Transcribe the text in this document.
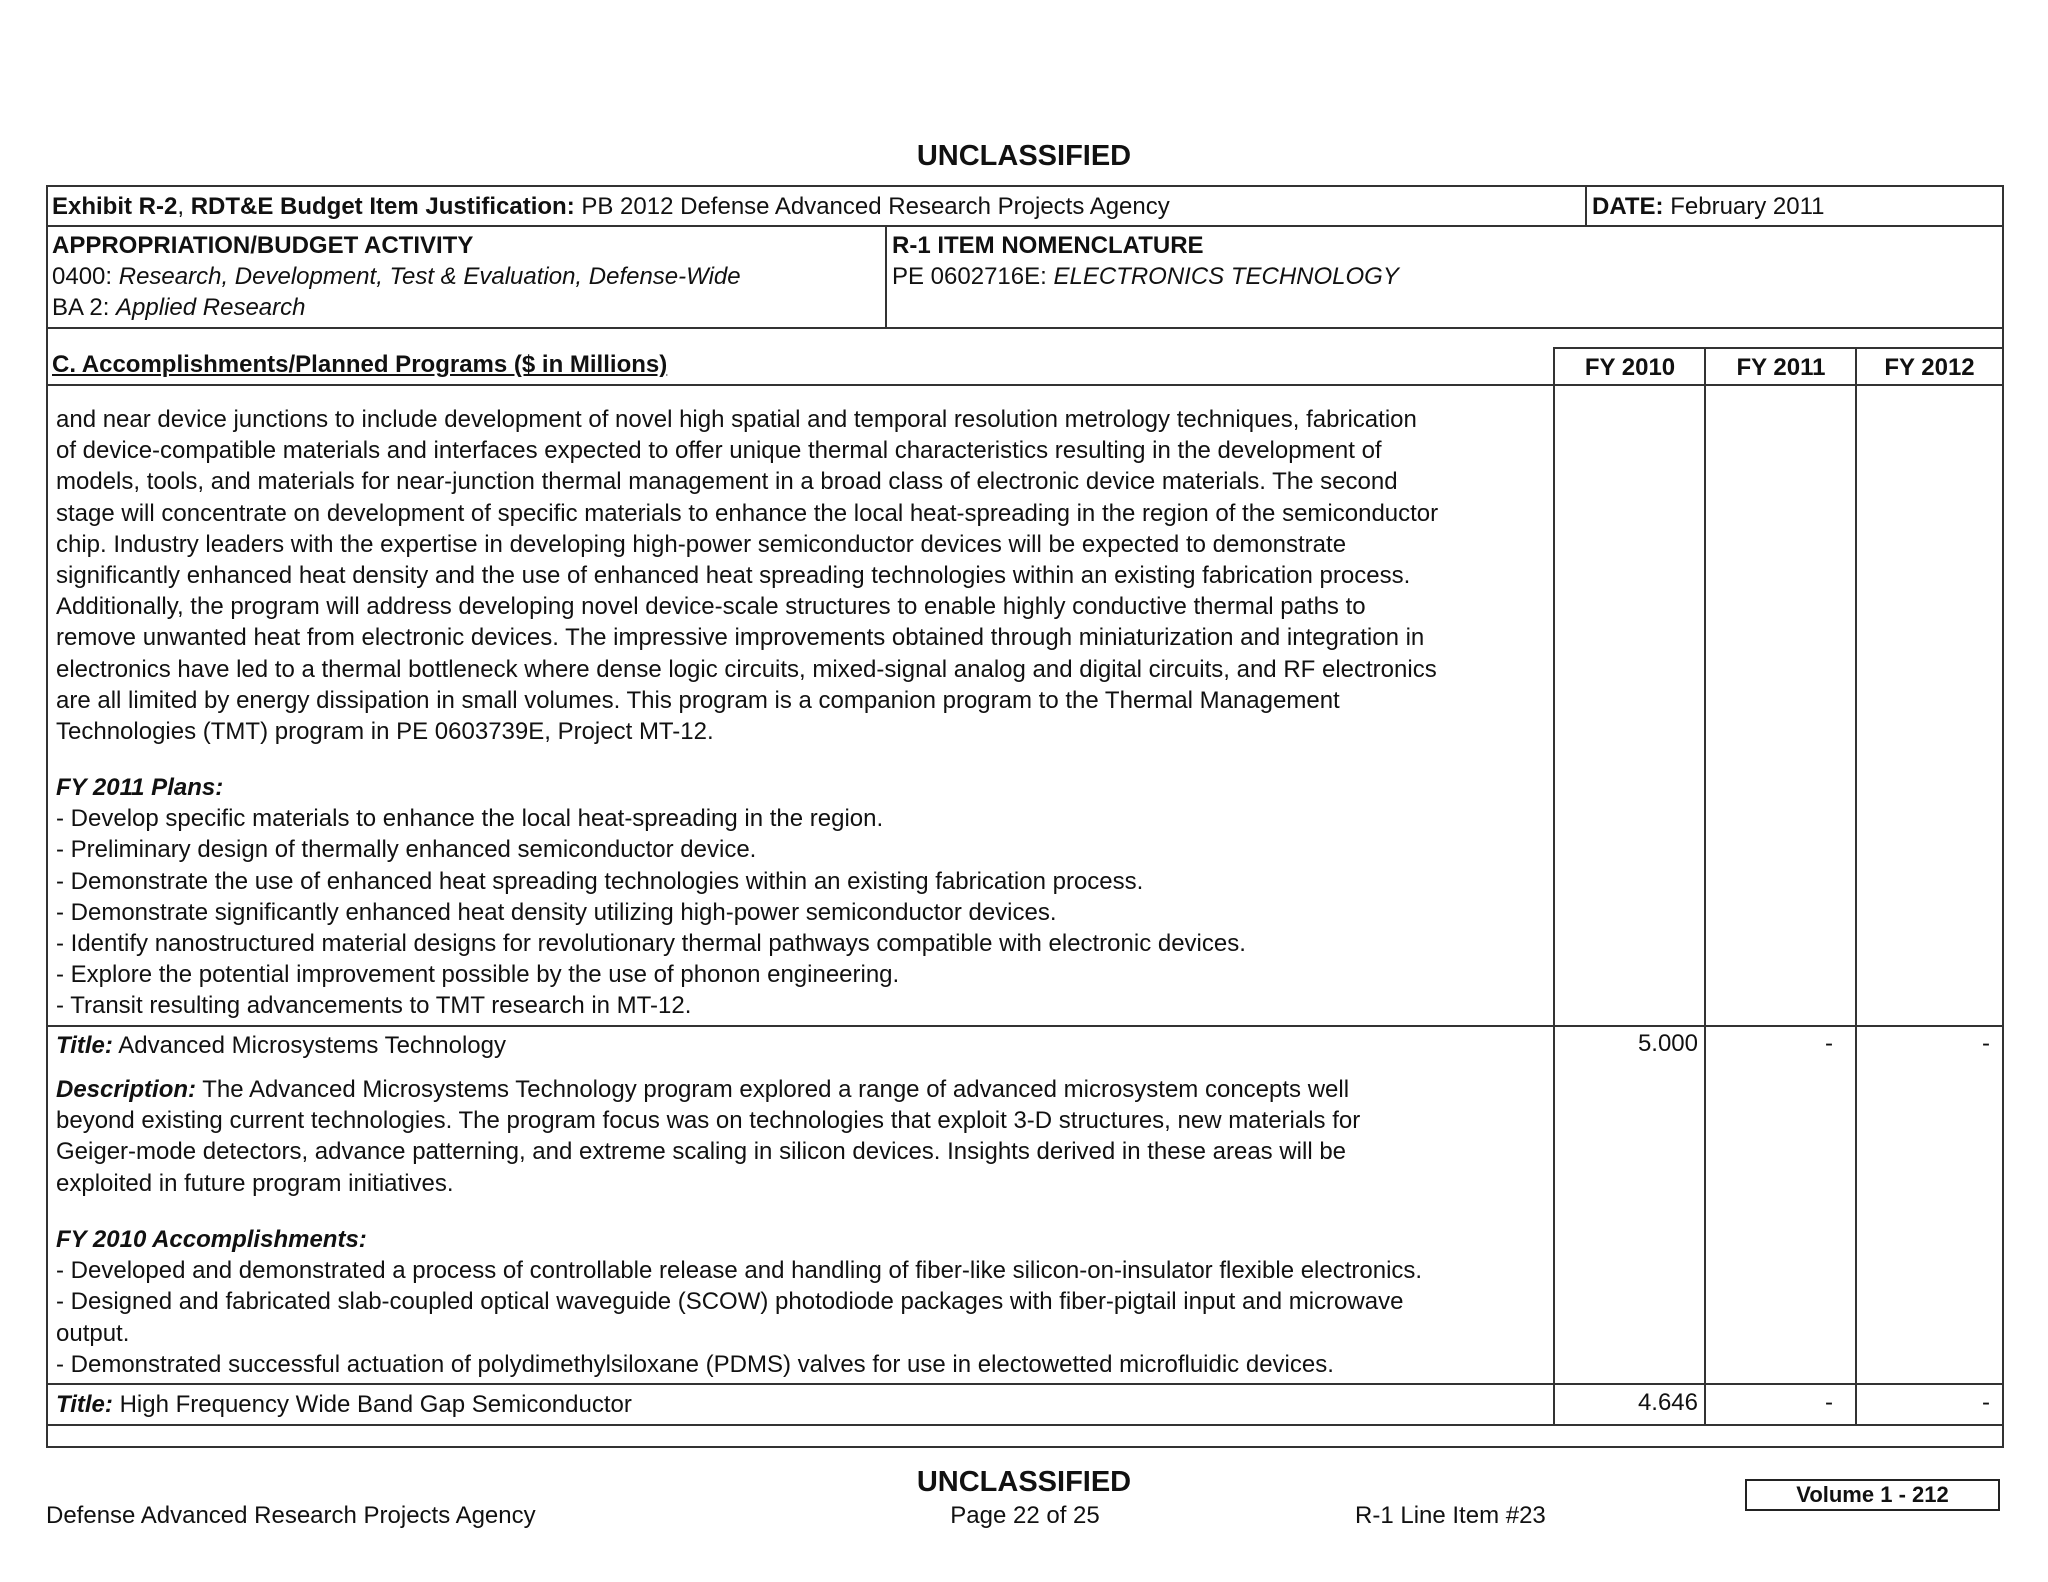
UNCLASSIFIED
Exhibit R-2, RDT&E Budget Item Justification: PB 2012 Defense Advanced Research Projects Agency	DATE: February 2011
APPROPRIATION/BUDGET ACTIVITY
0400: Research, Development, Test & Evaluation, Defense-Wide
BA 2: Applied Research
R-1 ITEM NOMENCLATURE
PE 0602716E: ELECTRONICS TECHNOLOGY
C. Accomplishments/Planned Programs ($ in Millions)	FY 2010	FY 2011	FY 2012
and near device junctions to include development of novel high spatial and temporal resolution metrology techniques, fabrication
of device-compatible materials and interfaces expected to offer unique thermal characteristics resulting in the development of
models, tools, and materials for near-junction thermal management in a broad class of electronic device materials. The second
stage will concentrate on development of specific materials to enhance the local heat-spreading in the region of the semiconductor
chip. Industry leaders with the expertise in developing high-power semiconductor devices will be expected to demonstrate
significantly enhanced heat density and the use of enhanced heat spreading technologies within an existing fabrication process.
Additionally, the program will address developing novel device-scale structures to enable highly conductive thermal paths to
remove unwanted heat from electronic devices. The impressive improvements obtained through miniaturization and integration in
electronics have led to a thermal bottleneck where dense logic circuits, mixed-signal analog and digital circuits, and RF electronics
are all limited by energy dissipation in small volumes. This program is a companion program to the Thermal Management
Technologies (TMT) program in PE 0603739E, Project MT-12.
FY 2011 Plans:
- Develop specific materials to enhance the local heat-spreading in the region.
- Preliminary design of thermally enhanced semiconductor device.
- Demonstrate the use of enhanced heat spreading technologies within an existing fabrication process.
- Demonstrate significantly enhanced heat density utilizing high-power semiconductor devices.
- Identify nanostructured material designs for revolutionary thermal pathways compatible with electronic devices.
- Explore the potential improvement possible by the use of phonon engineering.
- Transit resulting advancements to TMT research in MT-12.
Title: Advanced Microsystems Technology	5.000	-	-
Description: The Advanced Microsystems Technology program explored a range of advanced microsystem concepts well
beyond existing current technologies. The program focus was on technologies that exploit 3-D structures, new materials for
Geiger-mode detectors, advance patterning, and extreme scaling in silicon devices. Insights derived in these areas will be
exploited in future program initiatives.
FY 2010 Accomplishments:
- Developed and demonstrated a process of controllable release and handling of fiber-like silicon-on-insulator flexible electronics.
- Designed and fabricated slab-coupled optical waveguide (SCOW) photodiode packages with fiber-pigtail input and microwave
output.
- Demonstrated successful actuation of polydimethylsiloxane (PDMS) valves for use in electowetted microfluidic devices.
Title: High Frequency Wide Band Gap Semiconductor	4.646	-	-
UNCLASSIFIED
Defense Advanced Research Projects Agency	Page 22 of 25	R-1 Line Item #23
Volume 1 - 212
